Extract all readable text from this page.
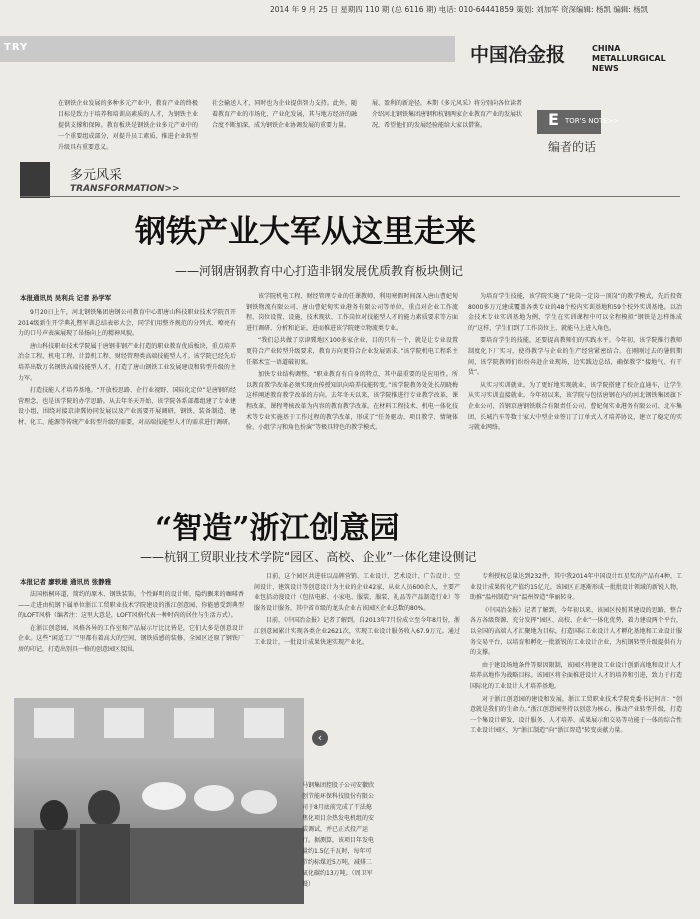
2014 年 9 月 25 日 星期四 110 期 (总 6116 期) 电话: 010-64441859 策划: 刘加军 资深编辑: 杨凯 编辑: 杨凯
TRY	中国冶金报	CHINA
METALLURGICAL
NEWS
在钢铁企业发展的多种多元产业中，教育产业的终极目标是致力于培养和培训高素质的人才，为钢铁主业提供支撑和保障。教育板块是钢铁企业多元产业中的一个重要组成部分，对提升员工素质、推进企业转型升级具有重要意义。
社会输送人才，同时也为企业提供智力支持。此外，随着教育产业的市场化、产业化发展，其与地方经济的融合度不断加深，成为钢铁企业协调发展的重要力量。
展、盈利的新途径。本期《多元风采》将分别向各位读者介绍河北钢铁集团唐钢和杭钢两家企业教育产业的发展状况，希望他们的发展经验能给大家以借鉴。	E TOR'S NOTE>>
编者的话
多元风采
TRANSFORMATION>>
钢铁产业大军从这里走来
——河钢唐钢教育中心打造非钢发展优质教育板块侧记
本报通讯员 吴利兵 记者 孙学军

9月20日上午，河北钢铁集团唐钢公司教育中心即唐山科技职业技术学院召开2014级新生开学典礼暨军训总结表彰大会，同学们用整齐规范的分列式、嘹亮有力的口号声表演展现了昂扬向上的精神风貌。

唐山科技职业技术学院属于唐钢非钢产业打造的职业教育优质板块，重点培养冶金工程、机电工程、计算机工程、财经管理类高端技能型人才。该学院已经先后培养出数万名钢铁高端技能型人才，打造了唐山钢铁工业发展建设和转型升级的主力军。

打造技能人才培养基地。“开放校思路、企行业视野、国际化定位”是唐钢的经营理念，也是该学院的办学思路。从去年冬天开始，该学院各系部都组建了专业建设小组，围绕对接京津冀协同发展以及产业需要开展调研，钢铁、装备制造、建材、化工、能源等传统产业转型升级的需要，对高端技能型人才的需求进行调研。

该学院机电工程、财经管理专业的任课教师，利用寒假时间深入唐山曹妃甸钢铁物流有限公司、唐山曹妃甸实业港务有限公司等单位，重点对企业工作流程、岗位设置、设施、技术现状、工作岗位对技能型人才的能力素质要求等方面进行调研、分析和论证，进而推进该学院建立物流类专业。

“我们总共做了京津冀地区100多家企业，目的只有一个，就是让专业设置更符合产业转型升级要求，教育方向更符合企业发展需求。”该学院机电工程系主任郝术宝一语道破初衷。

加快专业结构调整。“职业教育有自身的特点，其中最重要的是应用性。所以教育教学改革必须实现由传授知识向培养技能转变。”该学院教务处处长胡晓梅这样阐述教育教学改革的方向。去年冬天以来，该学院推进行专业教学改革，课程改革，课程考核改革为内容的教育教学改革。在材料工程技术、机电一体化技术等专业实施基于工作过程的教学改革，形成了“任务驱动、项目教学、情境体验、小组学习和角色扮演”等极具特色的教学模式。

为培育学生技能，该学院实施了“轮岗一定岗一顶岗”的教学模式，先后投资8000多万元建成覆盖各类专业的48个校内实训基地和59个校外实训基地。以冶金技术专业实训基地为例，学生在实训课程中可以全程模拟“钢铁是怎样炼成的”这样，学生们到了工作岗位上，就能马上进入角色。

要培育学生的技能，还要提高教师们的实践水平。今年初，该学院推行教师制度化下厂实习，使得教学与企业的生产经营紧密结合。在刚刚过去的暑假期间，该学院教师们纷纷奔赴企业现场，边实践边总结，确保教学“接地气、有干货”。

从实习实训就业。为了更好地实现就业，该学院搭建了校企直通车，让学生从实习实训直接就业。今年初以来，该学院与包括唐钢在内的河北钢铁集团旗下企业公司、首钢京唐钢铁联合有限责任公司、曹妃甸实业港务有限公司、北车集团、长城汽车等数十家大中型企业签订了订单式人才培养协议，建立了稳定的实习就业网络。

“智造”浙江创意园
——杭钢工贸职业技术学院“园区、高校、企业”一体化建设侧记
本报记者 廖轶雄 通讯员 张静雅

法国梧桐环道，简约的原木、钢铁装饰，个性鲜明的设计师，隐约飘来的咖啡香——走进由杭钢下属单位浙江工贸职业技术学院建设的浙江创意园，你能感受到典型的LOFT风格（编者注：这里大意是，LOFT风格代表一种时尚的居住与生活方式）。

在浙江创意园，风格各异的工作室和产品展示厅比比皆是，它们大多是创意设计企业。这些“闲适工厂”里都有着高大的空间，钢铁质感的装修，全园区还原了钢铁厂房的印记，打造出别具一格的创意园区氛围。

目前，这个园区共进驻以品牌营销、工业设计、艺术设计、广告设计、空间设计、建筑设计等创意设计为主业的企业42家，从业人员600余人，主要产业包括动漫设计（包括电影、小家电、服装、服装、礼品等产品制造行业）等服务设计服务，其中省市级的龙头企业占该园区企业总数的80%。

目前，《中国冶金报》记者了解到，自2013年7月份成立至今年8月份，浙江创意园累计实现各类企业2621次，实现工业设计服务收入67.9万元。通过工业设计，一批设计成果快速实现产业化。

专利授权总量达到232件，其中我2014年中国设计红星奖的产品有4种，工业设计成果转化产值约15亿元。该园区正逐渐形成一批批设计领域的新锐人物，助推“温州制造”向“温州智造”华丽转身。

《中国冶金报》记者了解到，今年初以来，该园区按照其建设的思路，整合各方各级资源，充分发挥“园区、高校、企业”一体化优势，着力建设两个平台，以全国的高端人才汇聚地为目标，打造国际工业设计人才孵化基地和工业设计服务交易平台，以培育和孵化一批新锐的工业设计企业，为杭钢转型升级提供有力的支撑。

由于建设场地条件等原因限制，该园区将建设工业设计创新高地和设计人才培养高地作为战略目标。该园区将全面推进设计人才的培养和引进，致力于打造国际化的工业设计人才培养基地。

对于浙江创意园的建设和发展，浙江工贸职业技术学院党委书记何言：“创意就是我们的生命力。”浙江创意园坚持以创意为核心，推动产业转型升级，打造一个集设计研发、设计服务、人才培养、成果展示和交易等功能于一体的综合性工业设计园区，为“浙江制造”向“浙江智造”转变贡献力量。

‹
马钢集团控股子公司安徽欣创节能环保科技股份有限公司于8月底前完成了干法熄焦化项目余热发电机组的安装调试，并已正式投产运行。据测算，该项目年发电量约1.5亿千瓦时，每年可节约标煤近5万吨，减排二氧化碳约13万吨。（周卫军 摄）
